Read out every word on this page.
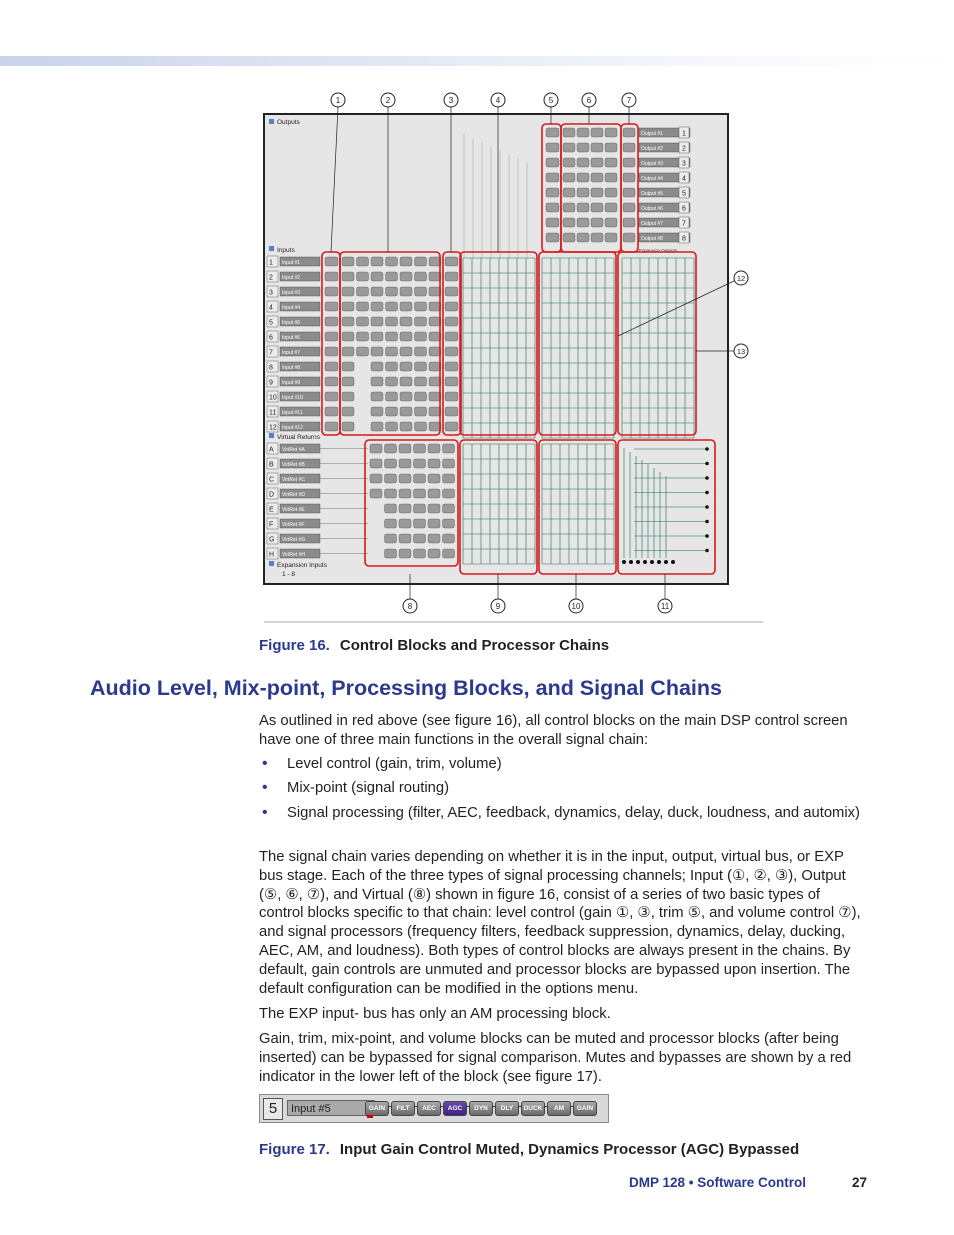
Outputs
Inputs
Virtual Returns
Expansion Inputs
1 - 8
Expansion Outputs
Output #1	1
Output #2	2
Output #3	3
Output #4	4
Output #5	5
Output #6	6
Output #7	7
Output #8	8
1 Input #1
2 Input #2
3 Input #3
4 Input #4
5 Input #5
6 Input #6
7 Input #7
8 Input #8
9 Input #9
10 Input #10
11 Input #11
12 Input #12
A VirtRet #A
B VirtRet #B
C VirtRet #C
D VirtRet #D
E VirtRet #E
F VirtRet #F
G VirtRet #G
H VirtRet #H
1	2	3	4	5	6	7
8	9	10	11
12
13
Figure 16. Control Blocks and Processor Chains
Audio Level, Mix-point, Processing Blocks, and Signal Chains

As outlined in red above (see figure 16), all control blocks on the main DSP control screen have one of three main functions in the overall signal chain:

• Level control (gain, trim, volume)
• Mix-point (signal routing)
• Signal processing (filter, AEC, feedback, dynamics, delay, duck, loudness, and automix)

The signal chain varies depending on whether it is in the input, output, virtual bus, or EXP bus stage. Each of the three types of signal processing channels; Input (①, ②, ③), Output (⑤, ⑥, ⑦), and Virtual (⑧) shown in figure 16, consist of a series of two basic types of control blocks specific to that chain: level control (gain ①, ③, trim ⑤, and volume control ⑦), and signal processors (frequency filters, feedback suppression, dynamics, delay, ducking, AEC, AM, and loudness). Both types of control blocks are always present in the chains. By default, gain controls are unmuted and processor blocks are bypassed upon insertion. The default configuration can be modified in the options menu.

The EXP input- bus has only an AM processing block.

Gain, trim, mix-point, and volume blocks can be muted and processor blocks (after being inserted) can be bypassed for signal comparison. Mutes and bypasses are shown by a red indicator in the lower left of the block (see figure 17).

5	Input #5	GAIN	FILT	AEC	AGC	DYN	DLY	DUCK	AM	GAIN
Figure 17. Input Gain Control Muted, Dynamics Processor (AGC) Bypassed
DMP 128 • Software Control	27
